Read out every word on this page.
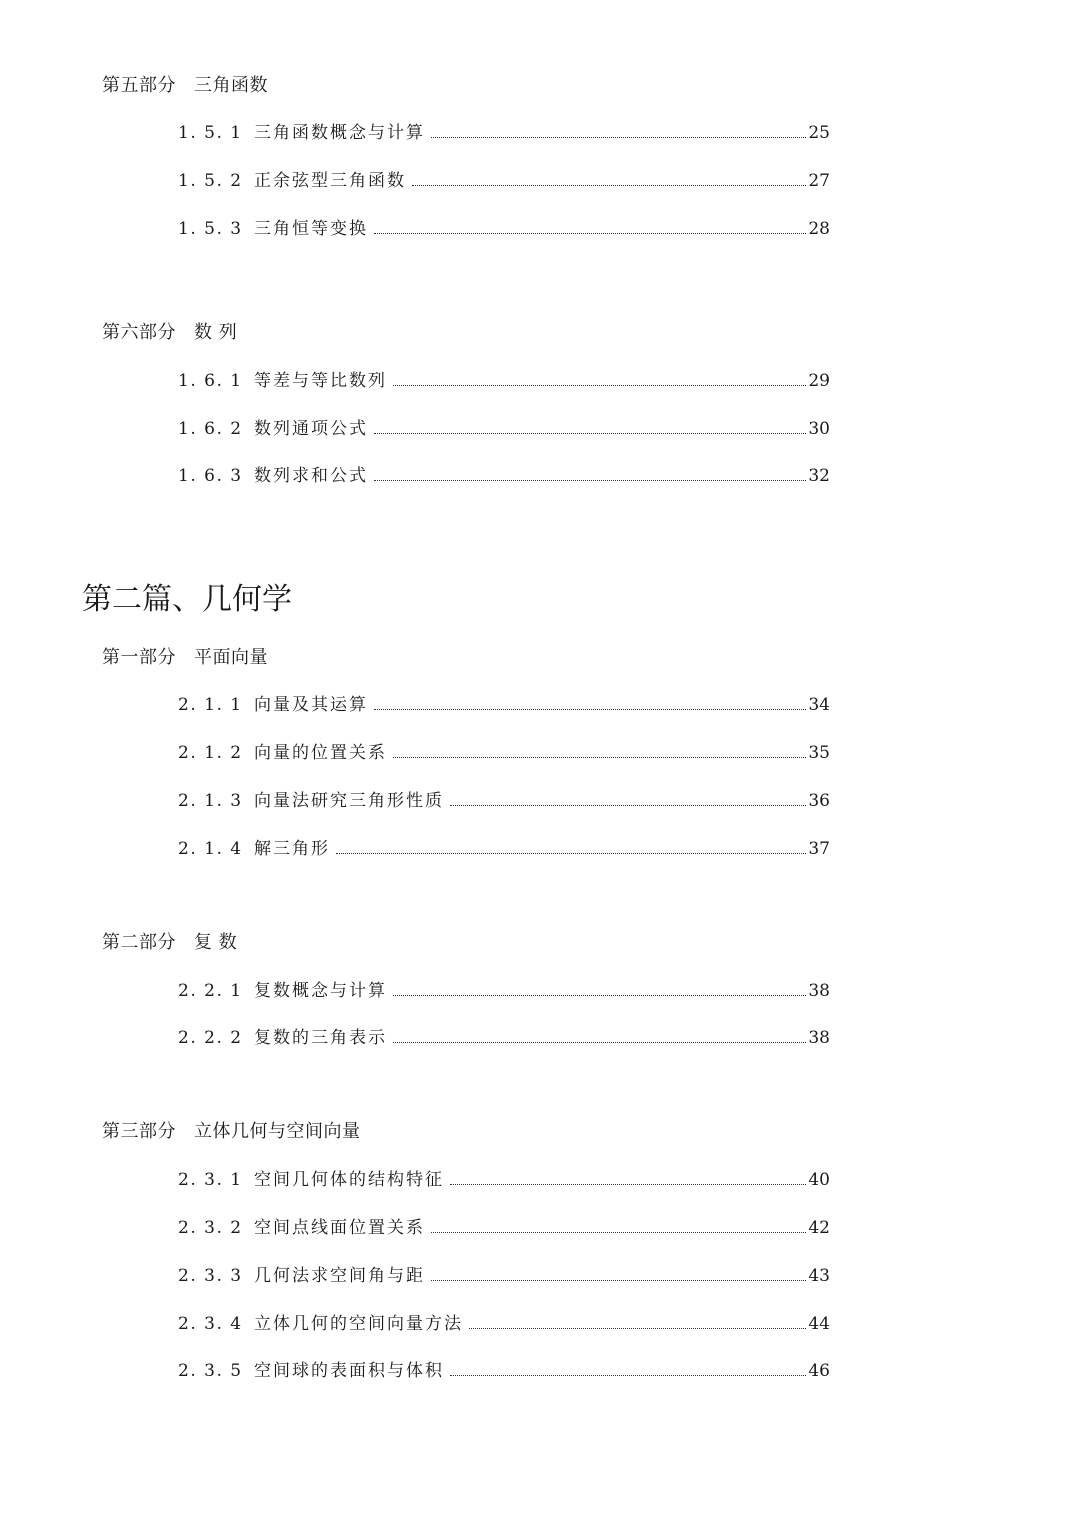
第五部分 三角函数
1. 5. 1 三角函数概念与计算	25
1. 5. 2 正余弦型三角函数	27
1. 5. 3 三角恒等变换	28
第六部分 数 列
1. 6. 1 等差与等比数列	29
1. 6. 2 数列通项公式	30
1. 6. 3 数列求和公式	32
第二篇、几何学
第一部分 平面向量
2. 1. 1 向量及其运算	34
2. 1. 2 向量的位置关系	35
2. 1. 3 向量法研究三角形性质	36
2. 1. 4 解三角形	37
第二部分 复 数
2. 2. 1 复数概念与计算	38
2. 2. 2 复数的三角表示	38
第三部分 立体几何与空间向量
2. 3. 1 空间几何体的结构特征	40
2. 3. 2 空间点线面位置关系	42
2. 3. 3 几何法求空间角与距	43
2. 3. 4 立体几何的空间向量方法	44
2. 3. 5 空间球的表面积与体积	46
